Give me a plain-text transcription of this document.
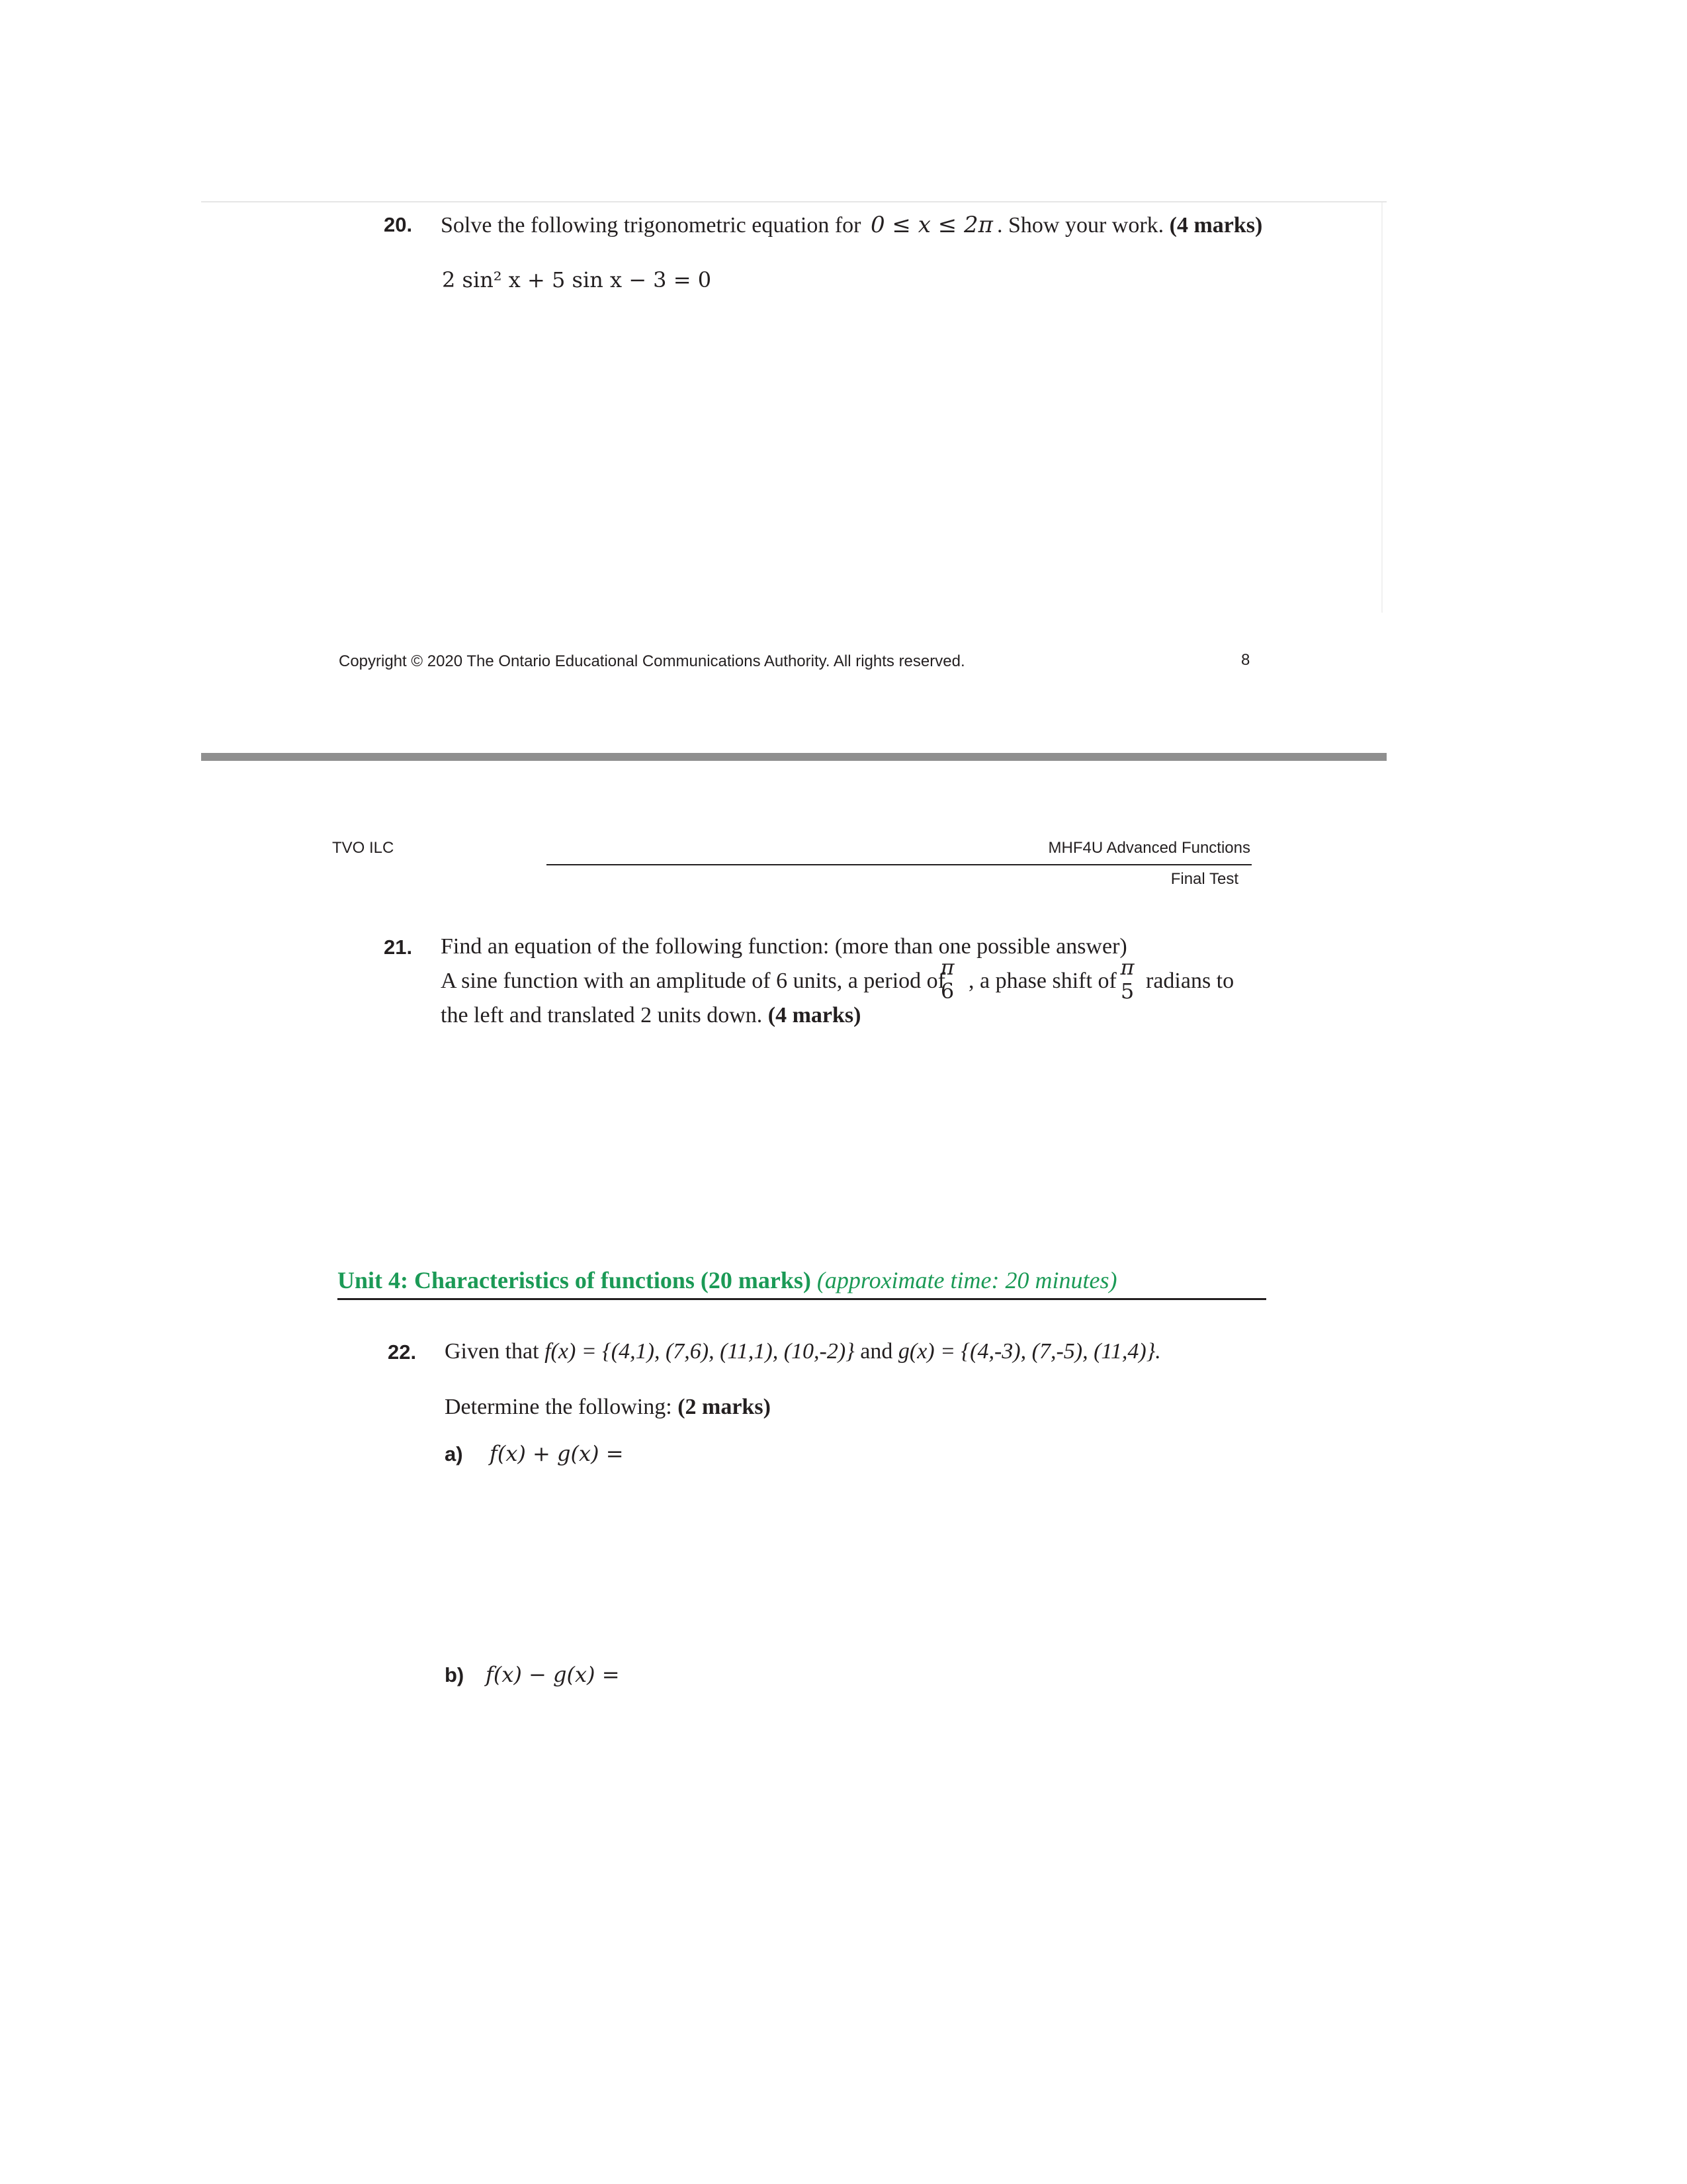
20. Solve the following trigonometric equation for 0 ≤ x ≤ 2π . Show your work. (4 marks)
2 sin² x + 5 sin x − 3 = 0
Copyright © 2020 The Ontario Educational Communications Authority. All rights reserved.	8
TVO ILC	MHF4U Advanced Functions
Final Test
21. Find an equation of the following function: (more than one possible answer)
A sine function with an amplitude of 6 units, a period of
π
6 , a phase shift of
π
5 radians to
the left and translated 2 units down. (4 marks)
Unit 4: Characteristics of functions (20 marks) (approximate time: 20 minutes)
22. Given that f(x) = {(4,1), (7,6), (11,1), (10,-2)} and g(x) = {(4,-3), (7,-5), (11,4)}.
Determine the following: (2 marks)
a) f(x) + g(x) =
b) f(x) − g(x) =
